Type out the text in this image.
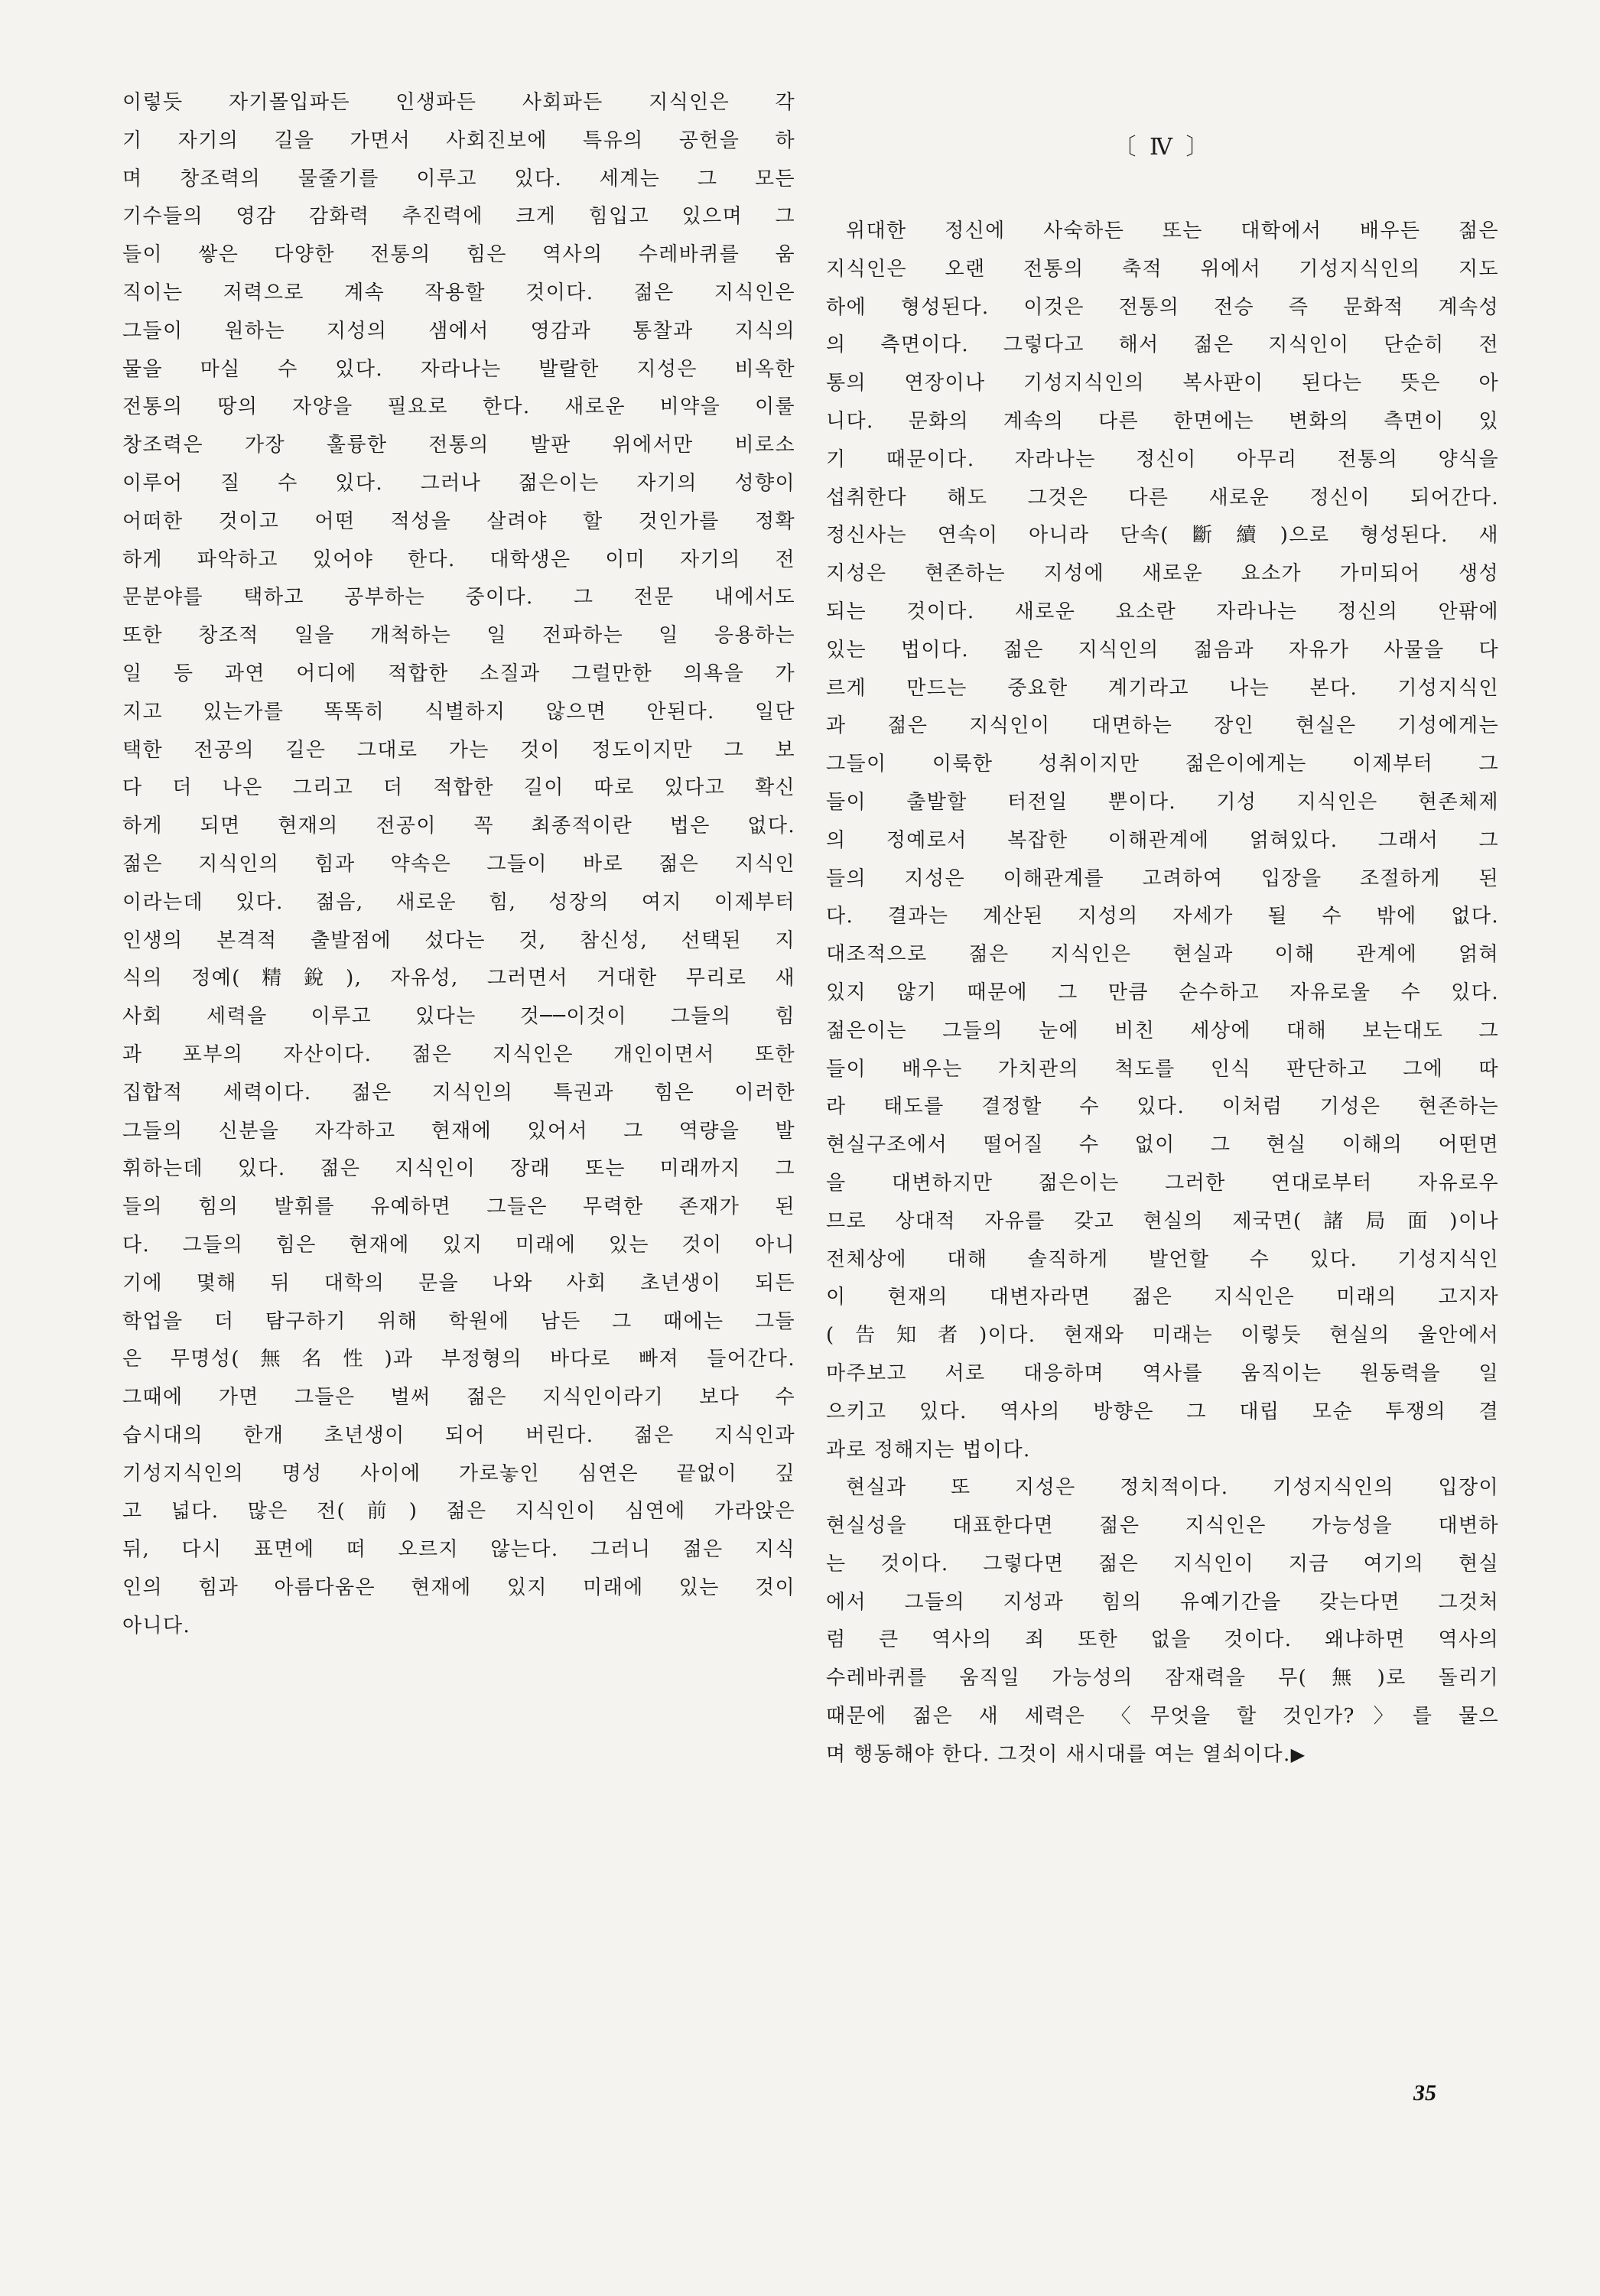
이렇듯 자기몰입파든 인생파든 사회파든 지식인은 각
기 자기의 길을 가면서 사회진보에 특유의 공헌을 하
며 창조력의 물줄기를 이루고 있다. 세계는 그 모든
기수들의 영감 감화력 추진력에 크게 힘입고 있으며 그
들이 쌓은 다양한 전통의 힘은 역사의 수레바퀴를 움
직이는 저력으로 계속 작용할 것이다. 젊은 지식인은
그들이 원하는 지성의 샘에서 영감과 통찰과 지식의
물을 마실 수 있다. 자라나는 발랄한 지성은 비옥한
전통의 땅의 자양을 필요로 한다. 새로운 비약을 이룰
창조력은 가장 훌륭한 전통의 발판 위에서만 비로소
이루어 질 수 있다. 그러나 젊은이는 자기의 성향이
어떠한 것이고 어떤 적성을 살려야 할 것인가를 정확
하게 파악하고 있어야 한다. 대학생은 이미 자기의 전
문분야를 택하고 공부하는 중이다. 그 전문 내에서도
또한 창조적 일을 개척하는 일 전파하는 일 응용하는
일 등 과연 어디에 적합한 소질과 그럴만한 의욕을 가
지고 있는가를 똑똑히 식별하지 않으면 안된다. 일단
택한 전공의 길은 그대로 가는 것이 정도이지만 그 보
다 더 나은 그리고 더 적합한 길이 따로 있다고 확신
하게 되면 현재의 전공이 꼭 최종적이란 법은 없다.
젊은 지식인의 힘과 약속은 그들이 바로 젊은 지식인
이라는데 있다. 젊음, 새로운 힘, 성장의 여지 이제부터
인생의 본격적 출발점에 섰다는 것, 참신성, 선택된 지
식의 정예(精銳), 자유성, 그러면서 거대한 무리로 새
사회 세력을 이루고 있다는 것──이것이 그들의 힘
과 포부의 자산이다. 젊은 지식인은 개인이면서 또한
집합적 세력이다. 젊은 지식인의 특권과 힘은 이러한
그들의 신분을 자각하고 현재에 있어서 그 역량을 발
휘하는데 있다. 젊은 지식인이 장래 또는 미래까지 그
들의 힘의 발휘를 유예하면 그들은 무력한 존재가 된
다. 그들의 힘은 현재에 있지 미래에 있는 것이 아니
기에 몇해 뒤 대학의 문을 나와 사회 초년생이 되든
학업을 더 탐구하기 위해 학원에 남든 그 때에는 그들
은 무명성(無名性)과 부정형의 바다로 빠져 들어간다.
그때에 가면 그들은 벌써 젊은 지식인이라기 보다 수
습시대의 한개 초년생이 되어 버린다. 젊은 지식인과
기성지식인의 명성 사이에 가로놓인 심연은 끝없이 깊
고 넓다. 많은 전(前) 젊은 지식인이 심연에 가라앉은
뒤, 다시 표면에 떠 오르지 않는다. 그러니 젊은 지식
인의 힘과 아름다움은 현재에 있지 미래에 있는 것이
아니다.
〔 Ⅳ 〕
위대한 정신에 사숙하든 또는 대학에서 배우든 젊은
지식인은 오랜 전통의 축적 위에서 기성지식인의 지도
하에 형성된다. 이것은 전통의 전승 즉 문화적 계속성
의 측면이다. 그렇다고 해서 젊은 지식인이 단순히 전
통의 연장이나 기성지식인의 복사판이 된다는 뜻은 아
니다. 문화의 계속의 다른 한면에는 변화의 측면이 있
기 때문이다. 자라나는 정신이 아무리 전통의 양식을
섭취한다 해도 그것은 다른 새로운 정신이 되어간다.
정신사는 연속이 아니라 단속(斷續)으로 형성된다. 새
지성은 현존하는 지성에 새로운 요소가 가미되어 생성
되는 것이다. 새로운 요소란 자라나는 정신의 안팎에
있는 법이다. 젊은 지식인의 젊음과 자유가 사물을 다
르게 만드는 중요한 계기라고 나는 본다. 기성지식인
과 젊은 지식인이 대면하는 장인 현실은 기성에게는
그들이 이룩한 성취이지만 젊은이에게는 이제부터 그
들이 출발할 터전일 뿐이다. 기성 지식인은 현존체제
의 정예로서 복잡한 이해관계에 얽혀있다. 그래서 그
들의 지성은 이해관계를 고려하여 입장을 조절하게 된
다. 결과는 계산된 지성의 자세가 될 수 밖에 없다.
대조적으로 젊은 지식인은 현실과 이해 관계에 얽혀
있지 않기 때문에 그 만큼 순수하고 자유로울 수 있다.
젊은이는 그들의 눈에 비친 세상에 대해 보는대도 그
들이 배우는 가치관의 척도를 인식 판단하고 그에 따
라 태도를 결정할 수 있다. 이처럼 기성은 현존하는
현실구조에서 떨어질 수 없이 그 현실 이해의 어떤면
을 대변하지만 젊은이는 그러한 연대로부터 자유로우
므로 상대적 자유를 갖고 현실의 제국면(諸局面)이나
전체상에 대해 솔직하게 발언할 수 있다. 기성지식인
이 현재의 대변자라면 젊은 지식인은 미래의 고지자
(告知者)이다. 현재와 미래는 이렇듯 현실의 울안에서
마주보고 서로 대응하며 역사를 움직이는 원동력을 일
으키고 있다. 역사의 방향은 그 대립 모순 투쟁의 결
과로 정해지는 법이다.
현실과 또 지성은 정치적이다. 기성지식인의 입장이
현실성을 대표한다면 젊은 지식인은 가능성을 대변하
는 것이다. 그렇다면 젊은 지식인이 지금 여기의 현실
에서 그들의 지성과 힘의 유예기간을 갖는다면 그것처
럼 큰 역사의 죄 또한 없을 것이다. 왜냐하면 역사의
수레바퀴를 움직일 가능성의 잠재력을 무(無)로 돌리기
때문에 젊은 새 세력은 〈무엇을 할 것인가?〉를 물으
며 행동해야 한다. 그것이 새시대를 여는 열쇠이다.▶
35
